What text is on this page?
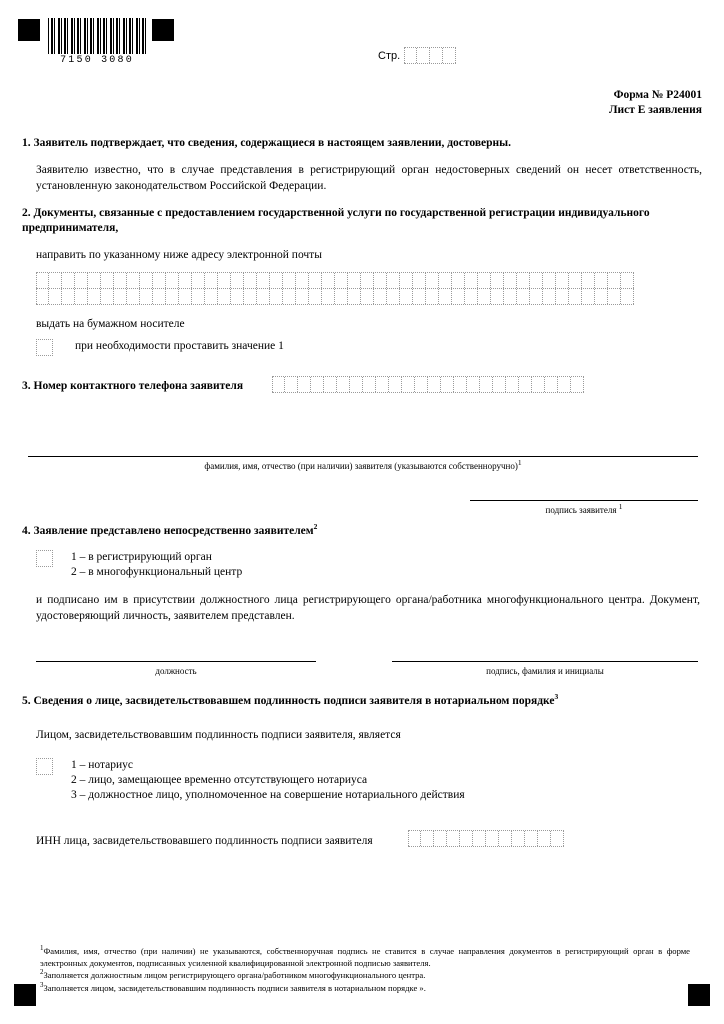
7150 3080	Стр.
Форма № Р24001
Лист Е заявления
1. Заявитель подтверждает, что сведения, содержащиеся в настоящем заявлении, достоверны.
Заявителю известно, что в случае представления в регистрирующий орган недостоверных сведений он несет ответственность, установленную законодательством Российской Федерации.
2. Документы, связанные с предоставлением государственной услуги по государственной регистрации индивидуального предпринимателя,
направить по указанному ниже адресу электронной почты
выдать на бумажном носителе
при необходимости проставить значение 1
3. Номер контактного телефона заявителя
фамилия, имя, отчество (при наличии) заявителя (указываются собственноручно)$^1$
подпись заявителя $^1$
4. Заявление представлено непосредственно заявителем$^2$
1 – в регистрирующий орган
2 – в многофункциональный центр
и подписано им в присутствии должностного лица регистрирующего органа/работника многофункционального центра. Документ, удостоверяющий личность, заявителем представлен.
должность	подпись, фамилия и инициалы
5. Сведения о лице, засвидетельствовавшем подлинность подписи заявителя в нотариальном порядке$^3$
Лицом, засвидетельствовавшим подлинность подписи заявителя, является
1 – нотариус
2 – лицо, замещающее временно отсутствующего нотариуса
3 – должностное лицо, уполномоченное на совершение нотариального действия
ИНН лица, засвидетельствовавшего подлинность подписи заявителя
$^1$Фамилия, имя, отчество (при наличии) не указываются, собственноручная подпись не ставится в случае направления документов в регистрирующий орган в форме электронных документов, подписанных усиленной квалифицированной электронной подписью заявителя.
$^2$Заполняется должностным лицом регистрирующего органа/работником многофункционального центра.
$^3$Заполняется лицом, засвидетельствовавшим подлинность подписи заявителя в нотариальном порядке ».
